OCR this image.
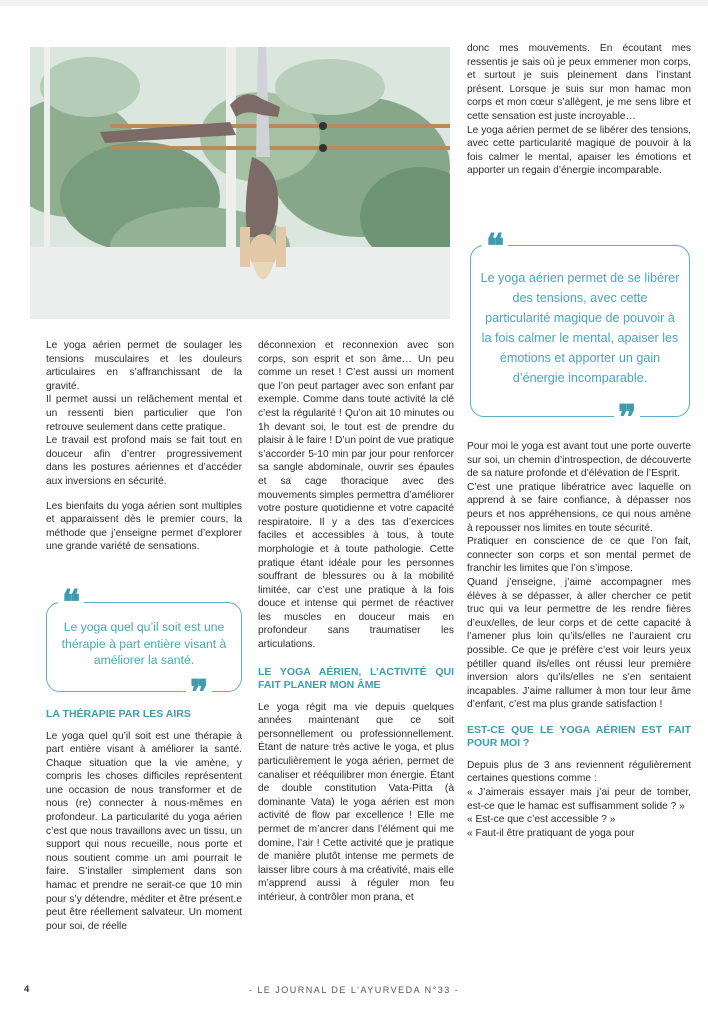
Le yoga aérien permet de soulager les tensions musculaires et les douleurs articulaires en s’affranchissant de la gravité.

Il permet aussi un relâchement mental et un ressenti bien particulier que l’on retrouve seulement dans cette pratique.

Le travail est profond mais se fait tout en douceur afin d’entrer progressivement dans les postures aériennes et d’accéder aux inversions en sécurité.

Les bienfaits du yoga aérien sont multiples et apparaissent dès le premier cours, la méthode que j’enseigne permet d’explorer une grande variété de sensations.

Le yoga quel qu’il soit est une thérapie à part entière visant à améliorer la santé.
❝
❞
LA THÉRAPIE PAR LES AIRS

Le yoga quel qu’il soit est une thérapie à part entière visant à améliorer la santé. Chaque situation que la vie amène, y compris les choses difficiles représentent une occasion de nous transformer et de nous (re) connecter à nous-mêmes en profondeur. La particularité du yoga aérien c’est que nous travaillons avec un tissu, un support qui nous recueille, nous porte et nous soutient comme un ami pourrait le faire. S’installer simplement dans son hamac et prendre ne serait-ce que 10 min pour s’y détendre, méditer et être présent.e peut être réellement salvateur. Un moment pour soi, de réelle

déconnexion et reconnexion avec son corps, son esprit et son âme… Un peu comme un reset ! C’est aussi un moment que l’on peut partager avec son enfant par exemple. Comme dans toute activité la clé c’est la régularité ! Qu’on ait 10 minutes ou 1h devant soi, le tout est de prendre du plaisir à le faire ! D’un point de vue pratique s’accorder 5-10 min par jour pour renforcer sa sangle abdominale, ouvrir ses épaules et sa cage thoracique avec des mouvements simples permettra d’améliorer votre posture quotidienne et votre capacité respiratoire. Il y a des tas d’exercices faciles et accessibles à tous, à toute morphologie et à toute pathologie. Cette pratique étant idéale pour les personnes souffrant de blessures ou à la mobilité limitée, car c’est une pratique à la fois douce et intense qui permet de réactiver les muscles en douceur mais en profondeur sans traumatiser les articulations.

LE YOGA AÉRIEN, L’ACTIVITÉ QUI FAIT PLANER MON ÂME

Le yoga régit ma vie depuis quelques années maintenant que ce soit personnellement ou professionnellement. Étant de nature très active le yoga, et plus particulièrement le yoga aérien, permet de canaliser et rééquilibrer mon énergie. Étant de double constitution Vata-Pitta (à dominante Vata) le yoga aérien est mon activité de flow par excellence ! Elle me permet de m’ancrer dans l’élément qui me domine, l’air ! Cette activité que je pratique de manière plutôt intense me permets de laisser libre cours à ma créativité, mais elle m’apprend aussi à réguler mon feu intérieur, à contrôler mon prana, et

donc mes mouvements. En écoutant mes ressentis je sais où je peux emmener mon corps, et surtout je suis pleinement dans l’instant présent. Lorsque je suis sur mon hamac mon corps et mon cœur s’allègent, je me sens libre et cette sensation est juste incroyable…

Le yoga aérien permet de se libérer des tensions, avec cette particularité magique de pouvoir à la fois calmer le mental, apaiser les émotions et apporter un regain d’énergie incomparable.

Le yoga aérien permet de se libérer des tensions, avec cette particularité magique de pouvoir à la fois calmer le mental, apaiser les émotions et apporter un gain d’énergie incomparable.
❝
❞

Pour moi le yoga est avant tout une porte ouverte sur soi, un chemin d’introspection, de découverte de sa nature profonde et d’élévation de l’Esprit.

C’est une pratique libératrice avec laquelle on apprend à se faire confiance, à dépasser nos peurs et nos appréhensions, ce qui nous amène à repousser nos limites en toute sécurité.

Pratiquer en conscience de ce que l’on fait, connecter son corps et son mental permet de franchir les limites que l’on s’impose.

Quand j’enseigne, j’aime accompagner mes élèves à se dépasser, à aller chercher ce petit truc qui va leur permettre de les rendre fières d’eux/elles, de leur corps et de cette capacité à l’amener plus loin qu’ils/elles ne l’auraient cru possible. Ce que je préfère c’est voir leurs yeux pétiller quand ils/elles ont réussi leur première inversion alors qu’ils/elles ne s’en sentaient incapables. J’aime rallumer à mon tour leur âme d’enfant, c’est ma plus grande satisfaction !

EST-CE QUE LE YOGA AÉRIEN EST FAIT POUR MOI ?

Depuis plus de 3 ans reviennent régulièrement certaines questions comme :

« J’aimerais essayer mais j’ai peur de tomber, est-ce que le hamac est suffisamment solide ? »

« Est-ce que c’est accessible ? »

« Faut-il être pratiquant de yoga pour

4	- LE JOURNAL DE L’AYURVEDA N°33 -
